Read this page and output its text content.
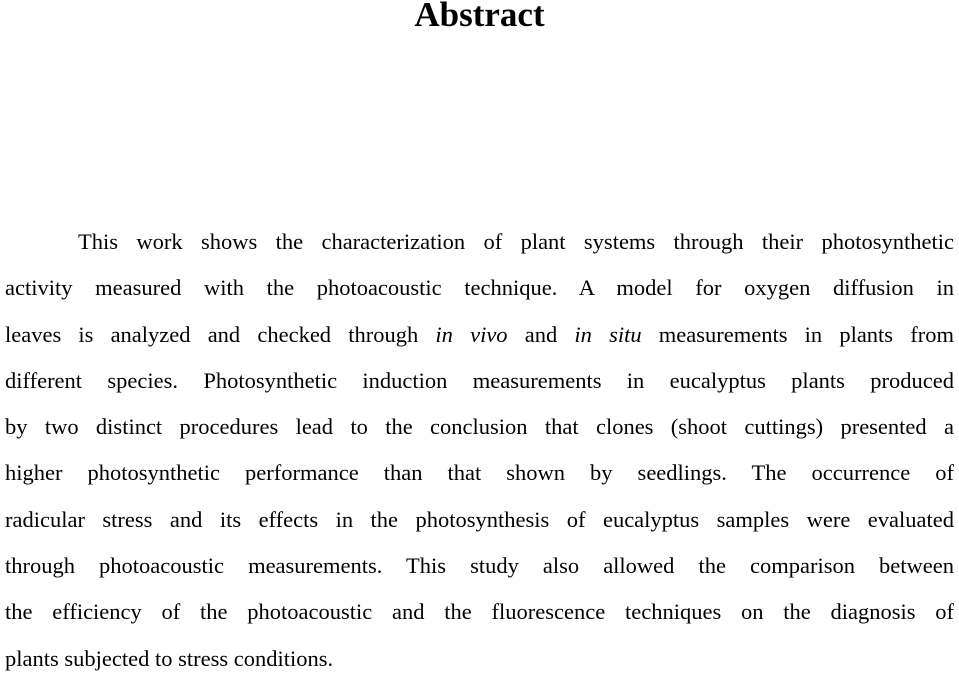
Abstract
This work shows the characterization of plant systems through their photosynthetic
activity measured with the photoacoustic technique. A model for oxygen diffusion in
leaves is analyzed and checked through in vivo and in situ measurements in plants from
different species. Photosynthetic induction measurements in eucalyptus plants produced
by two distinct procedures lead to the conclusion that clones (shoot cuttings) presented a
higher photosynthetic performance than that shown by seedlings. The occurrence of
radicular stress and its effects in the photosynthesis of eucalyptus samples were evaluated
through photoacoustic measurements. This study also allowed the comparison between
the efficiency of the photoacoustic and the fluorescence techniques on the diagnosis of
plants subjected to stress conditions.
